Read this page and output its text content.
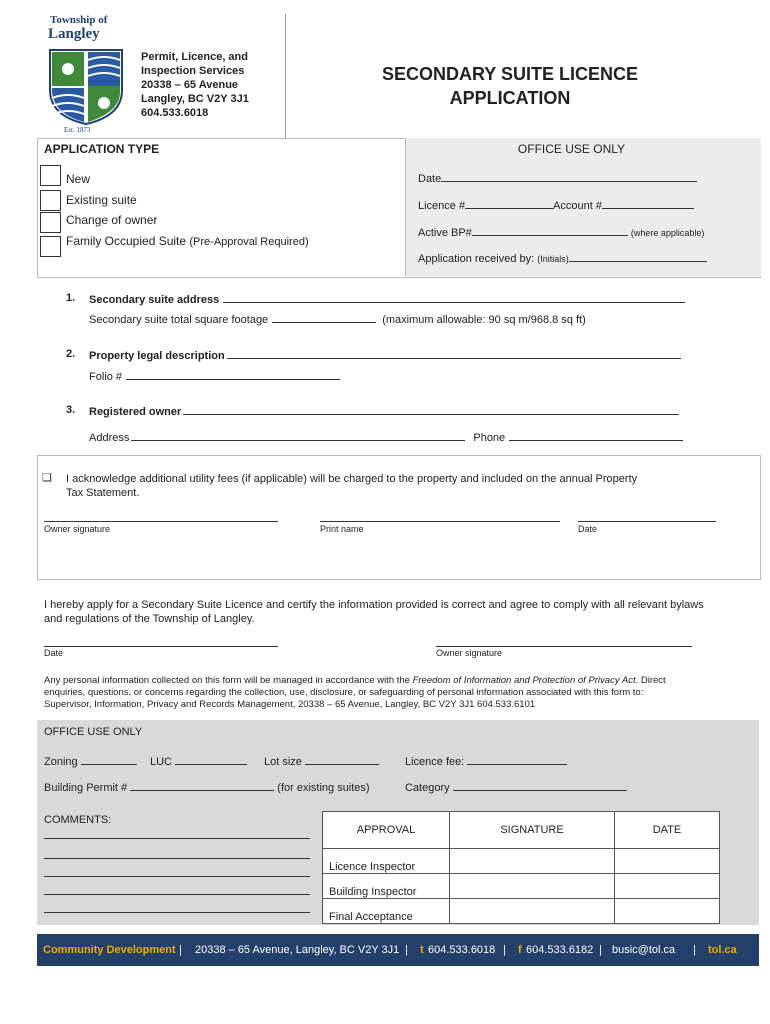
Township of
Langley
Est. 1873
Permit, Licence, and
Inspection Services
20338 – 65 Avenue
Langley, BC V2Y 3J1
604.533.6018
SECONDARY SUITE LICENCE
APPLICATION
APPLICATION TYPE	OFFICE USE ONLY
New
Existing suite
Change of owner
Family Occupied Suite (Pre-Approval Required)
Date
Licence #	Account #
Active BP#	(where applicable)
Application received by: (Initials)
1. Secondary suite address
Secondary suite total square footage	(maximum allowable: 90 sq m/968.8 sq ft)
2. Property legal description
Folio #
3. Registered owner
Address	Phone
❏ I acknowledge additional utility fees (if applicable) will be charged to the property and included on the annual Property
Tax Statement.
Owner signature	Print name	Date
I hereby apply for a Secondary Suite Licence and certify the information provided is correct and agree to comply with all relevant bylaws
and regulations of the Township of Langley.
Date	Owner signature
Any personal information collected on this form will be managed in accordance with the Freedom of Information and Protection of Privacy Act. Direct
enquiries, questions, or concerns regarding the collection, use, disclosure, or safeguarding of personal information associated with this form to:
Supervisor, Information, Privacy and Records Management, 20338 – 65 Avenue, Langley, BC V2Y 3J1 604.533.6101
OFFICE USE ONLY
Zoning	LUC	Lot size	Licence fee:
Building Permit #	(for existing suites)	Category
COMMENTS:
APPROVAL	SIGNATURE	DATE
Licence Inspector		
Building Inspector		
Final Acceptance		
Community Development | 20338 – 65 Avenue, Langley, BC V2Y 3J1 | t 604.533.6018 | f 604.533.6182 | busic@tol.ca | tol.ca
